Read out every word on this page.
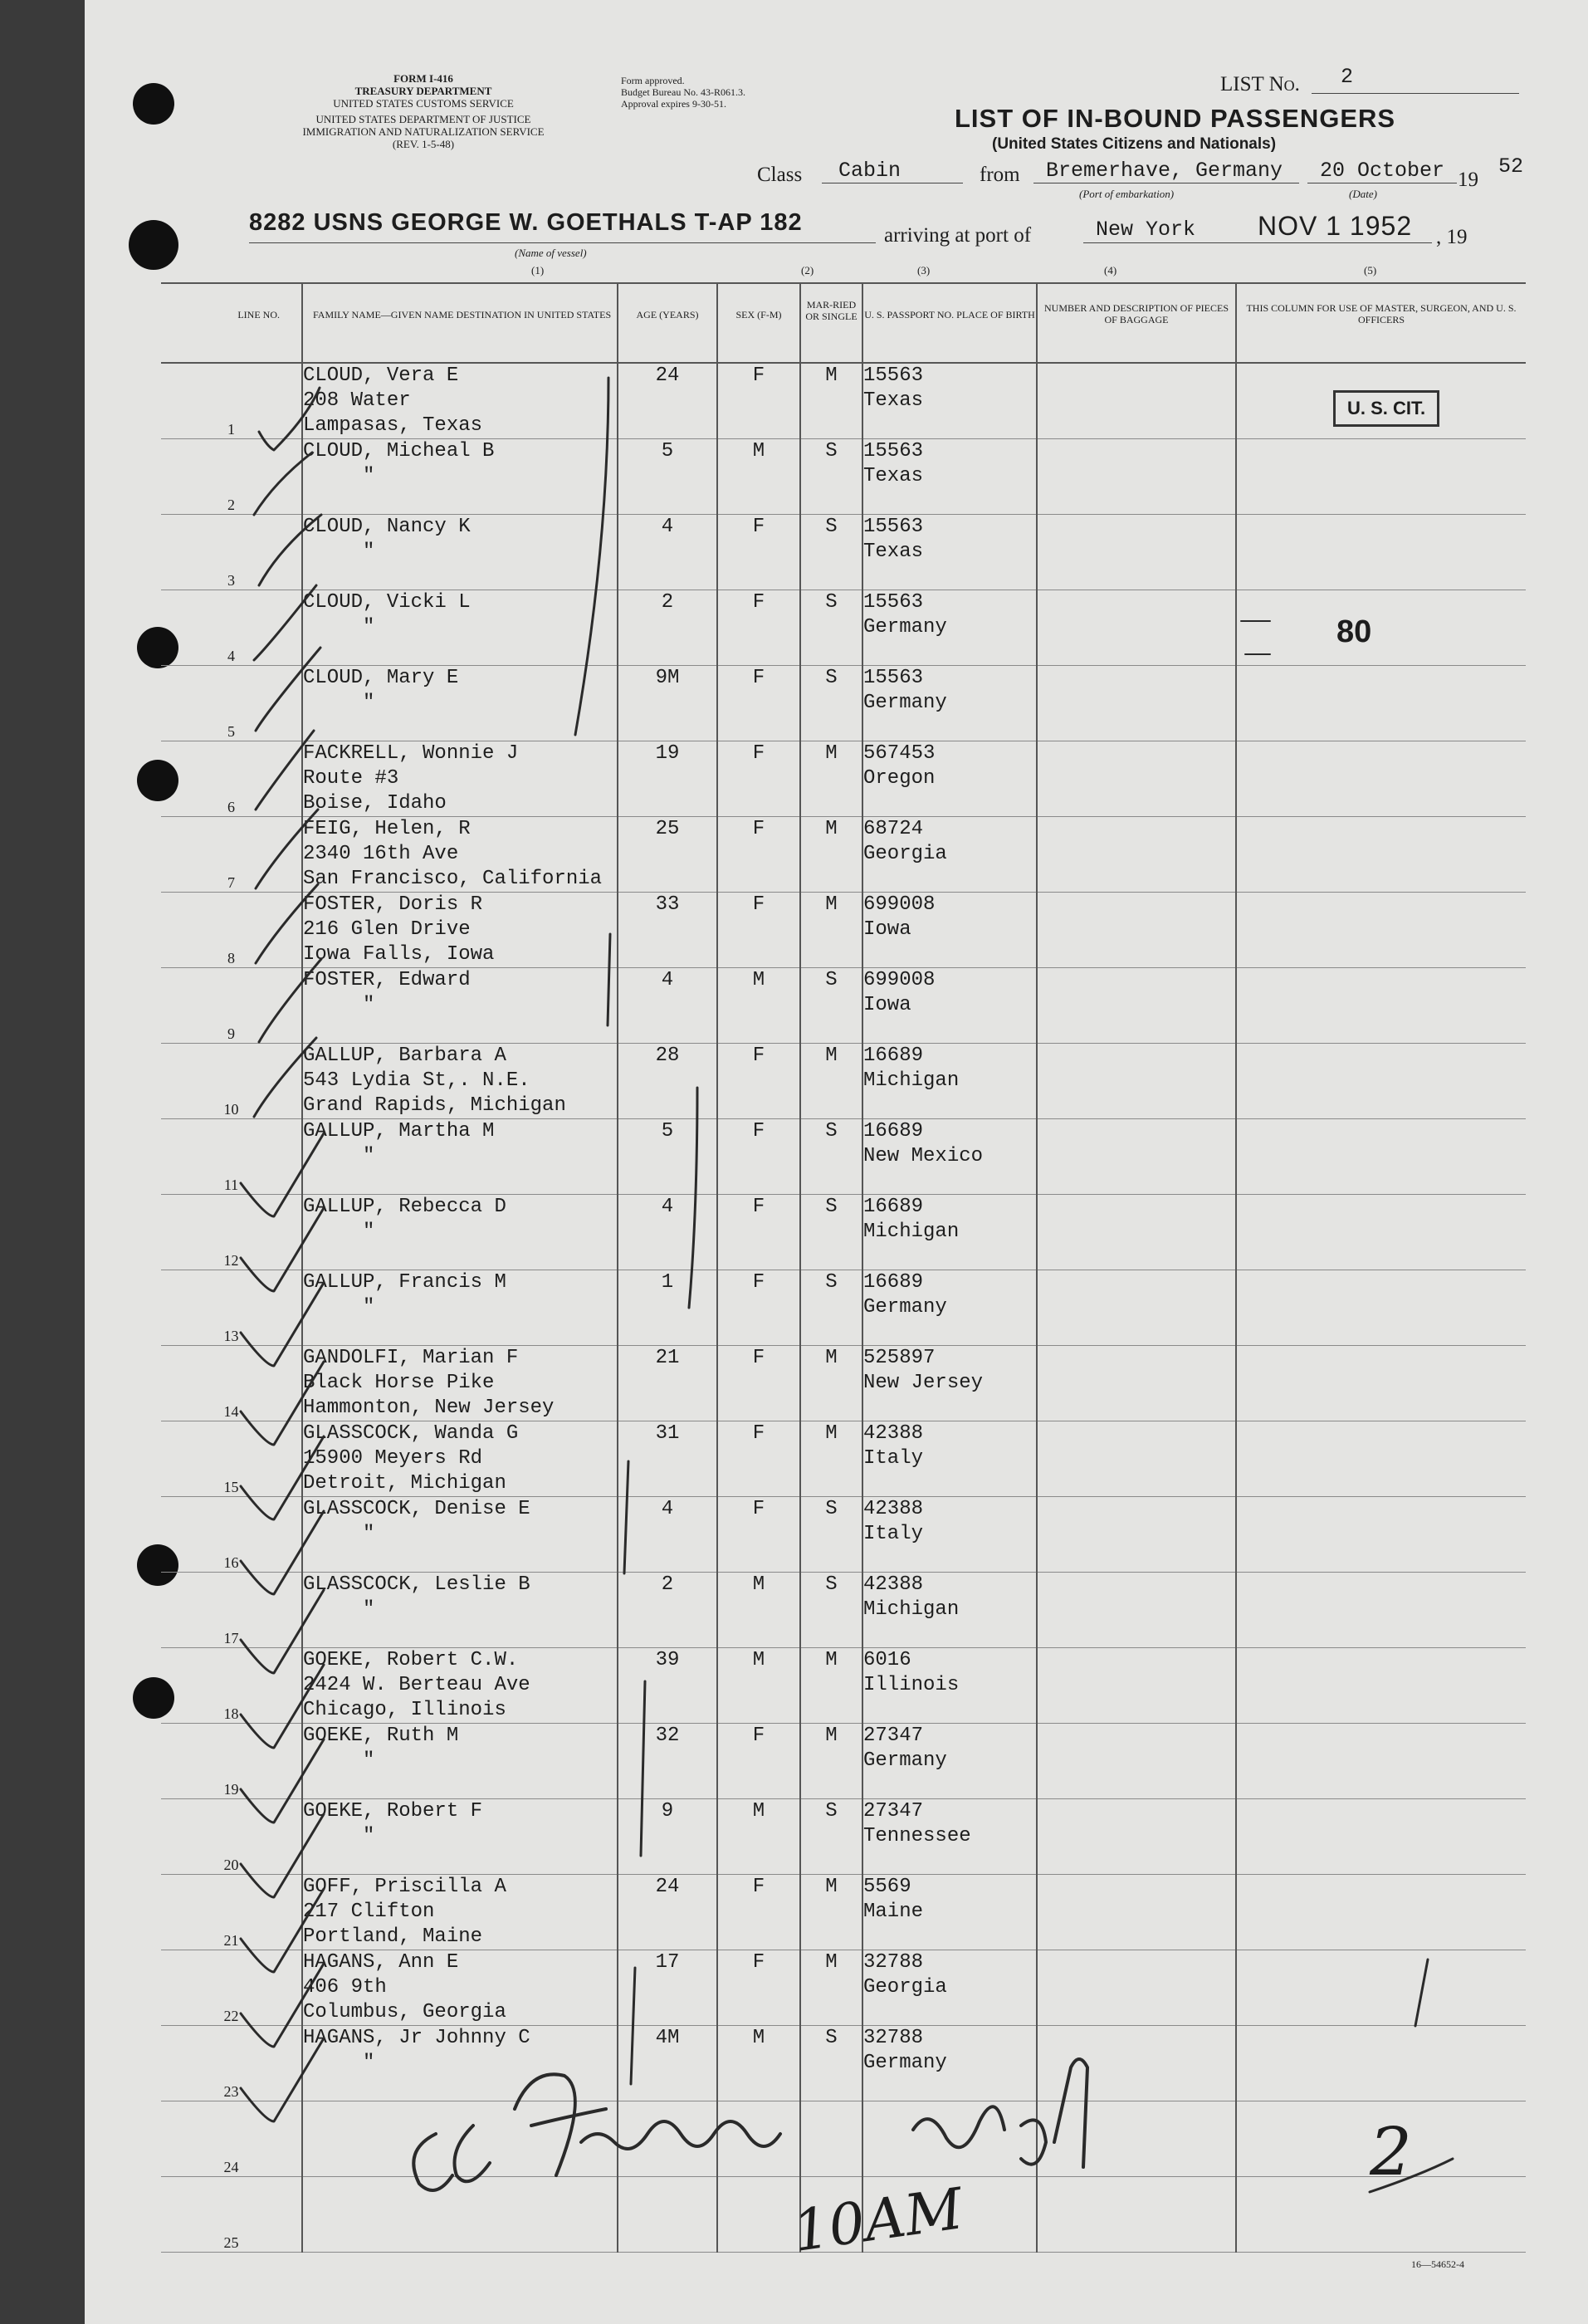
FORM I-416
TREASURY DEPARTMENT
UNITED STATES CUSTOMS SERVICE
UNITED STATES DEPARTMENT OF JUSTICE
IMMIGRATION AND NATURALIZATION SERVICE
(REV. 1-5-48)
Form approved.
Budget Bureau No. 43-R061.3.
Approval expires 9-30-51.
LIST No. 2
LIST OF IN-BOUND PASSENGERS
(United States Citizens and Nationals)
Class Cabin	from Bremerhave, Germany
(Port of embarkation)
20 October
(Date)
19
52
8282 USNS GEORGE W. GOETHALS T-AP 182
(Name of vessel)
arriving at port of	New York NOV 1 1952 , 19
(1)	(2)	(3)	(4)	(5)
LINE NO.	FAMILY NAME—GIVEN NAME DESTINATION IN UNITED STATES	AGE (YEARS)	SEX (F-M)	MAR-RIED OR SINGLE	U. S. PASSPORT NO. PLACE OF BIRTH	NUMBER AND DESCRIPTION OF PIECES OF BAGGAGE	THIS COLUMN FOR USE OF MASTER, SURGEON, AND U. S. OFFICERS
1	CLOUD, Vera E
208 Water
Lampasas, Texas	24	F	M	15563
Texas		
2	CLOUD, Micheal B
"	5	M	S	15563
Texas		
3	CLOUD, Nancy K
"	4	F	S	15563
Texas		
4	CLOUD, Vicki L
"	2	F	S	15563
Germany		
5	CLOUD, Mary E
"	9M	F	S	15563
Germany		
6	FACKRELL, Wonnie J
Route #3
Boise, Idaho	19	F	M	567453
Oregon		
7	FEIG, Helen, R
2340 16th Ave
San Francisco, California	25	F	M	68724
Georgia		
8	FOSTER, Doris R
216 Glen Drive
Iowa Falls, Iowa	33	F	M	699008
Iowa		
9	FOSTER, Edward
"	4	M	S	699008
Iowa		
10	GALLUP, Barbara A
543 Lydia St,. N.E.
Grand Rapids, Michigan	28	F	M	16689
Michigan		
11	GALLUP, Martha M
"	5	F	S	16689
New Mexico		
12	GALLUP, Rebecca D
"	4	F	S	16689
Michigan		
13	GALLUP, Francis M
"	1	F	S	16689
Germany		
14	GANDOLFI, Marian F
Black Horse Pike
Hammonton, New Jersey	21	F	M	525897
New Jersey		
15	GLASSCOCK, Wanda G
15900 Meyers Rd
Detroit, Michigan	31	F	M	42388
Italy		
16	GLASSCOCK, Denise E
"	4	F	S	42388
Italy		
17	GLASSCOCK, Leslie B
"	2	M	S	42388
Michigan		
18	GOEKE, Robert C.W.
2424 W. Berteau Ave
Chicago, Illinois	39	M	M	6016
Illinois		
19	GOEKE, Ruth M
"	32	F	M	27347
Germany		
20	GOEKE, Robert F
"	9	M	S	27347
Tennessee		
21	GOFF, Priscilla A
217 Clifton
Portland, Maine	24	F	M	5569
Maine		
22	HAGANS, Ann E
406 9th
Columbus, Georgia	17	F	M	32788
Georgia		
23	HAGANS, Jr Johnny C
"	4M	M	S	32788
Germany		
24							
25							
U. S. CIT.
80
2
10AM	16—54652-4
